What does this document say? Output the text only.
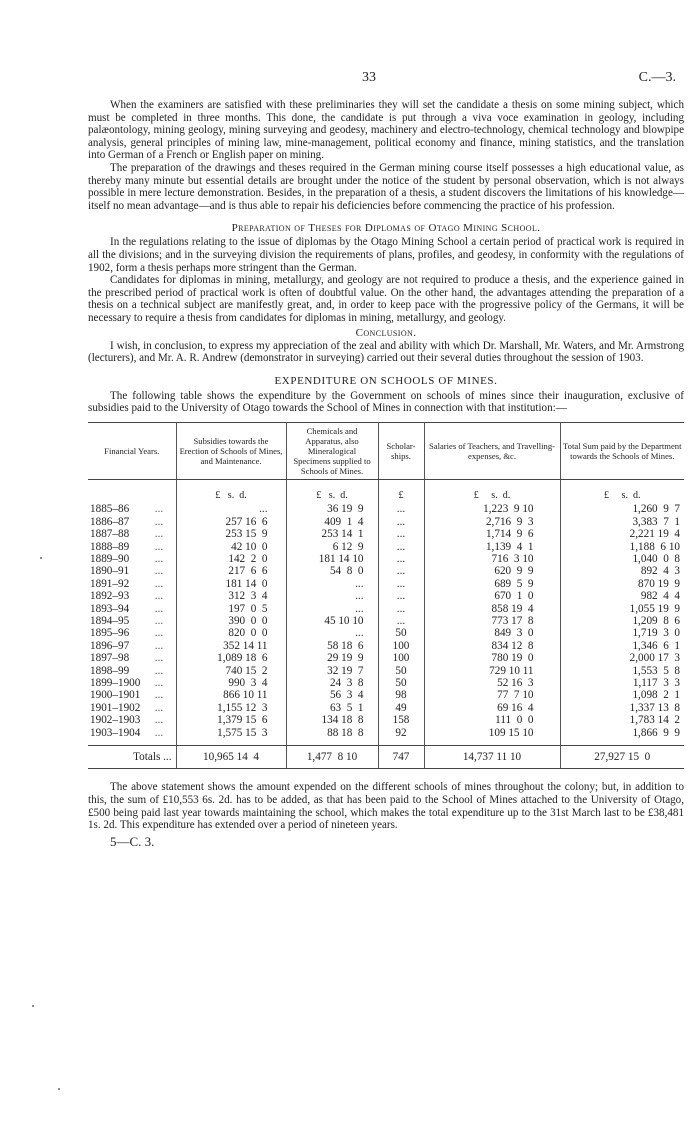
33	C.—3.

When the examiners are satisfied with these preliminaries they will set the candidate a thesis on some mining subject, which must be completed in three months. This done, the candidate is put through a viva voce examination in geology, including palæontology, mining geology, mining surveying and geodesy, machinery and electro-technology, chemical technology and blowpipe analysis, general principles of mining law, mine-management, political economy and finance, mining statistics, and the translation into German of a French or English paper on mining.

The preparation of the drawings and theses required in the German mining course itself possesses a high educational value, as thereby many minute but essential details are brought under the notice of the student by personal observation, which is not always possible in mere lecture demonstration. Besides, in the preparation of a thesis, a student discovers the limitations of his knowledge—itself no mean advantage—and is thus able to repair his deficiencies before commencing the practice of his profession.

Preparation of Theses for Diplomas of Otago Mining School.

In the regulations relating to the issue of diplomas by the Otago Mining School a certain period of practical work is required in all the divisions; and in the surveying division the requirements of plans, profiles, and geodesy, in conformity with the regulations of 1902, form a thesis perhaps more stringent than the German.

Candidates for diplomas in mining, metallurgy, and geology are not required to produce a thesis, and the experience gained in the prescribed period of practical work is often of doubtful value. On the other hand, the advantages attending the preparation of a thesis on a technical subject are manifestly great, and, in order to keep pace with the progressive policy of the Germans, it will be necessary to require a thesis from candidates for diplomas in mining, metallurgy, and geology.

Conclusion.

I wish, in conclusion, to express my appreciation of the zeal and ability with which Dr. Marshall, Mr. Waters, and Mr. Armstrong (lecturers), and Mr. A. R. Andrew (demonstrator in surveying) carried out their several duties throughout the session of 1903.

EXPENDITURE ON SCHOOLS OF MINES.

The following table shows the expenditure by the Government on schools of mines since their inauguration, exclusive of subsidies paid to the University of Otago towards the School of Mines in connection with that institution:—

Financial Years.	Subsidies towards the Erection of Schools of Mines, and Maintenance.	Chemicals and Apparatus, also Mineralogical Specimens supplied to Schools of Mines.	Scholar-ships.	Salaries of Teachers, and Travelling-expenses, &c.	Total Sum paid by the Department towards the Schools of Mines.
	£   s.  d.	£   s.  d.	£	£     s.  d.	£     s.  d.
1885–86 ...	...	36 19  9	...	1,223  9 10	1,260  9  7
1886–87 ...	257 16  6	409  1  4	...	2,716  9  3	3,383  7  1
1887–88 ...	253 15  9	253 14  1	...	1,714  9  6	2,221 19  4
1888–89 ...	42 10  0	6 12  9	...	1,139  4  1	1,188  6 10
1889–90 ...	142  2  0	181 14 10	...	716  3 10	1,040  0  8
1890–91 ...	217  6  6	54  8  0	...	620  9  9	892  4  3
1891–92 ...	181 14  0	...	...	689  5  9	870 19  9
1892–93 ...	312  3  4	...	...	670  1  0	982  4  4
1893–94 ...	197  0  5	...	...	858 19  4	1,055 19  9
1894–95 ...	390  0  0	45 10 10	...	773 17  8	1,209  8  6
1895–96 ...	820  0  0	...	50	849  3  0	1,719  3  0
1896–97 ...	352 14 11	58 18  6	100	834 12  8	1,346  6  1
1897–98 ...	1,089 18  6	29 19  9	100	780 19  0	2,000 17  3
1898–99 ...	740 15  2	32 19  7	50	729 10 11	1,553  5  8
1899–1900 ...	990  3  4	24  3  8	50	52 16  3	1,117  3  3
1900–1901 ...	866 10 11	56  3  4	98	77  7 10	1,098  2  1
1901–1902 ...	1,155 12  3	63  5  1	49	69 16  4	1,337 13  8
1902–1903 ...	1,379 15  6	134 18  8	158	111  0  0	1,783 14  2
1903–1904 ...	1,575 15  3	88 18  8	92	109 15 10	1,866  9  9
Totals ...	10,965 14  4	1,477  8 10	747	14,737 11 10	27,927 15  0

The above statement shows the amount expended on the different schools of mines throughout the colony; but, in addition to this, the sum of £10,553 6s. 2d. has to be added, as that has been paid to the School of Mines attached to the University of Otago, £500 being paid last year towards maintaining the school, which makes the total expenditure up to the 31st March last to be £38,481 1s. 2d. This expenditure has extended over a period of nineteen years.

5—C. 3.
